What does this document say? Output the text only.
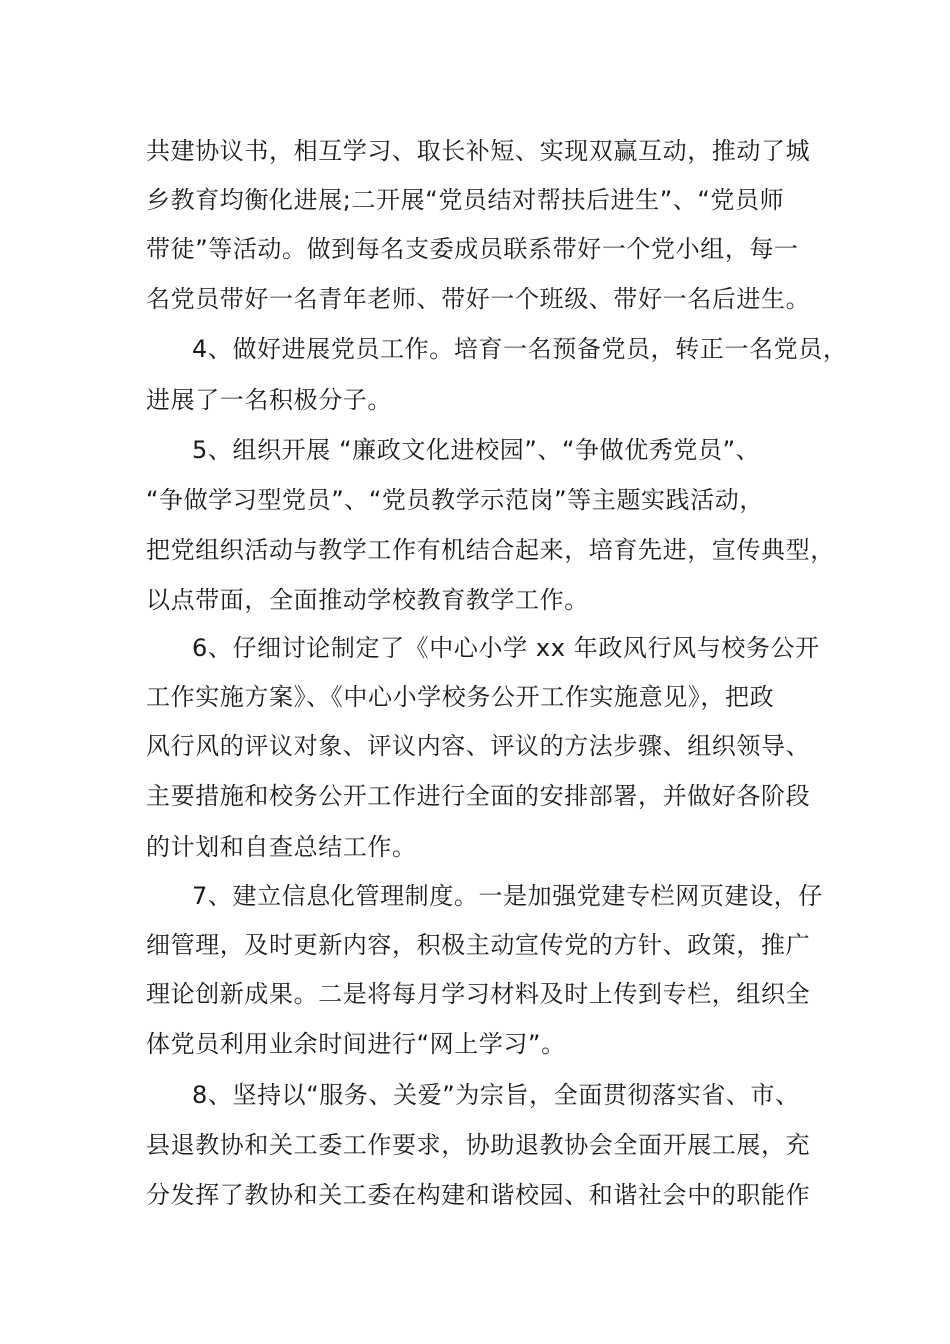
共建协议书，相互学习、取长补短、实现双赢互动，推动了城
乡教育均衡化进展;二开展“党员结对帮扶后进生”、“党员师
带徒”等活动。做到每名支委成员联系带好一个党小组，每一
名党员带好一名青年老师、带好一个班级、带好一名后进生。
4、做好进展党员工作。培育一名预备党员，转正一名党员，
进展了一名积极分子。
5、组织开展 “廉政文化进校园”、“争做优秀党员”、
“争做学习型党员”、“党员教学示范岗”等主题实践活动，
把党组织活动与教学工作有机结合起来，培育先进，宣传典型，
以点带面，全面推动学校教育教学工作。
6、仔细讨论制定了《中心小学 xx 年政风行风与校务公开
工作实施方案》、《中心小学校务公开工作实施意见》，把政
风行风的评议对象、评议内容、评议的方法步骤、组织领导、
主要措施和校务公开工作进行全面的安排部署，并做好各阶段
的计划和自查总结工作。
7、建立信息化管理制度。一是加强党建专栏网页建设，仔
细管理，及时更新内容，积极主动宣传党的方针、政策，推广
理论创新成果。二是将每月学习材料及时上传到专栏，组织全
体党员利用业余时间进行“网上学习”。
8、坚持以“服务、关爱”为宗旨，全面贯彻落实省、市、
县退教协和关工委工作要求，协助退教协会全面开展工展，充
分发挥了教协和关工委在构建和谐校园、和谐社会中的职能作
